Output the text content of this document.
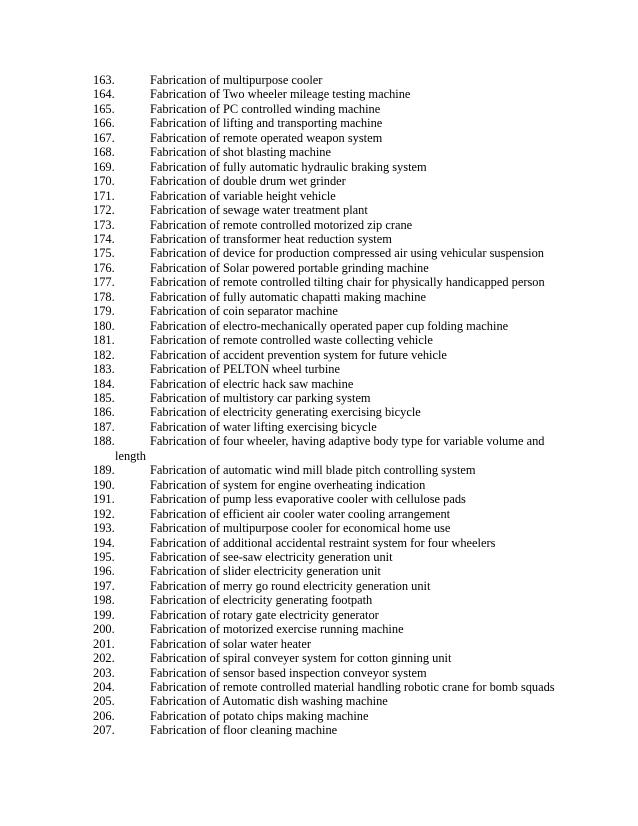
163.	Fabrication of multipurpose cooler
164.	Fabrication of Two wheeler mileage testing machine
165.	Fabrication of PC controlled winding machine
166.	Fabrication of lifting and transporting machine
167.	Fabrication of remote operated weapon system
168.	Fabrication of shot blasting machine
169.	Fabrication of fully automatic hydraulic braking system
170.	Fabrication of double drum wet grinder
171.	Fabrication of variable height vehicle
172.	Fabrication of sewage water treatment plant
173.	Fabrication of remote controlled motorized zip crane
174.	Fabrication of transformer heat reduction system
175.	Fabrication of device for production compressed air using vehicular suspension
176.	Fabrication of Solar powered portable grinding machine
177.	Fabrication of remote controlled tilting chair for physically handicapped person
178.	Fabrication of fully automatic chapatti making machine
179.	Fabrication of coin separator machine
180.	Fabrication of electro-mechanically operated paper cup folding machine
181.	Fabrication of remote controlled waste collecting vehicle
182.	Fabrication of accident prevention system for future vehicle
183.	Fabrication of PELTON wheel turbine
184.	Fabrication of electric hack saw machine
185.	Fabrication of multistory car parking system
186.	Fabrication of electricity generating exercising bicycle
187.	Fabrication of water lifting exercising bicycle
188.	Fabrication of four wheeler, having adaptive body type for variable volume and length
189.	Fabrication of automatic wind mill blade pitch controlling system
190.	Fabrication of system for engine overheating indication
191.	Fabrication of pump less evaporative cooler with cellulose pads
192.	Fabrication of efficient air cooler water cooling arrangement
193.	Fabrication of multipurpose cooler for economical home use
194.	Fabrication of additional accidental restraint system for four wheelers
195.	Fabrication of see-saw electricity generation unit
196.	Fabrication of slider electricity generation unit
197.	Fabrication of merry go round electricity generation unit
198.	Fabrication of electricity generating footpath
199.	Fabrication of rotary gate electricity generator
200.	Fabrication of motorized exercise running machine
201.	Fabrication of solar water heater
202.	Fabrication of spiral conveyer system for cotton ginning unit
203.	Fabrication of sensor based inspection conveyor system
204.	Fabrication of remote controlled material handling robotic crane for bomb squads
205.	Fabrication of Automatic dish washing machine
206.	Fabrication of potato chips making machine
207.	Fabrication of floor cleaning machine
